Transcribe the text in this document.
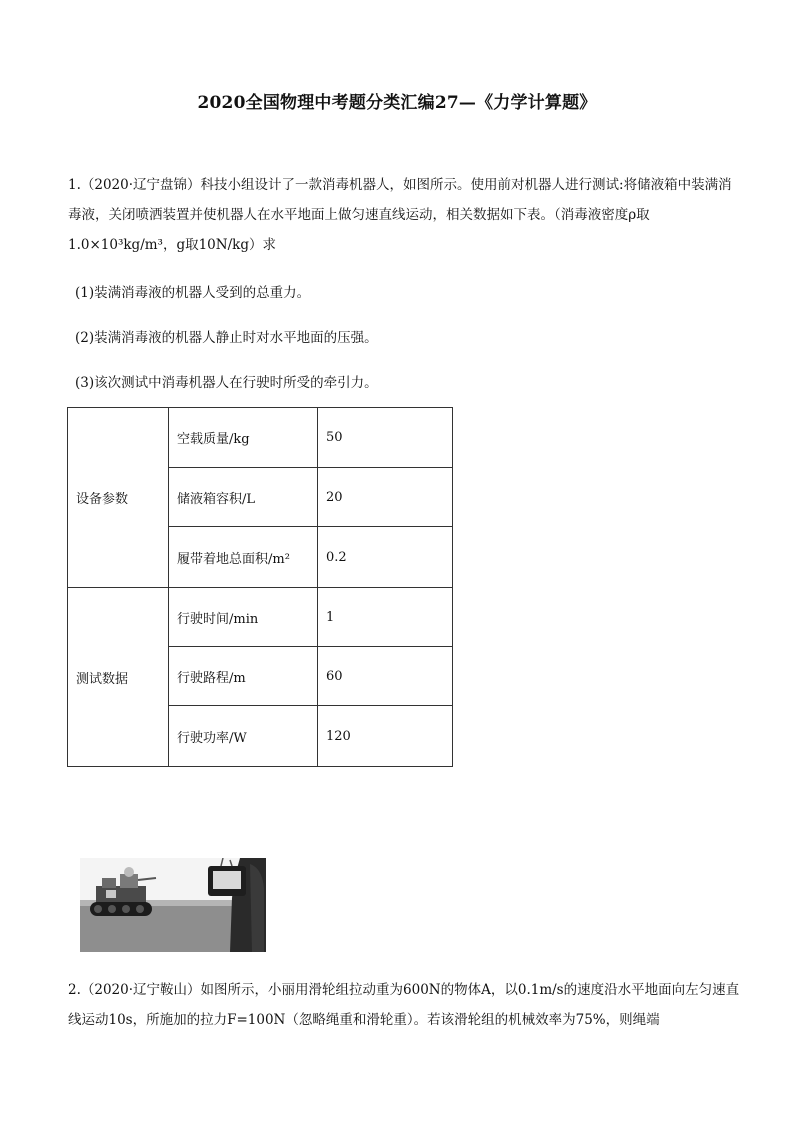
2020全国物理中考题分类汇编27—《力学计算题》
1.（2020·辽宁盘锦）科技小组设计了一款消毒机器人，如图所示。使用前对机器人进行测试:将储液箱中装满消毒液，关闭喷洒装置并使机器人在水平地面上做匀速直线运动，相关数据如下表。（消毒液密度ρ取1.0×10³kg/m³，g取10N/kg）求
(1)装满消毒液的机器人受到的总重力。
(2)装满消毒液的机器人静止时对水平地面的压强。
(3)该次测试中消毒机器人在行驶时所受的牵引力。
设备参数	空载质量/kg	50
	储液箱容积/L	20
	履带着地总面积/m²	0.2
测试数据	行驶时间/min	1
	行驶路程/m	60
	行驶功率/W	120
2.（2020·辽宁鞍山）如图所示，小丽用滑轮组拉动重为600N的物体A，以0.1m/s的速度沿水平地面向左匀速直线运动10s，所施加的拉力F=100N（忽略绳重和滑轮重）。若该滑轮组的机械效率为75%，则绳端
